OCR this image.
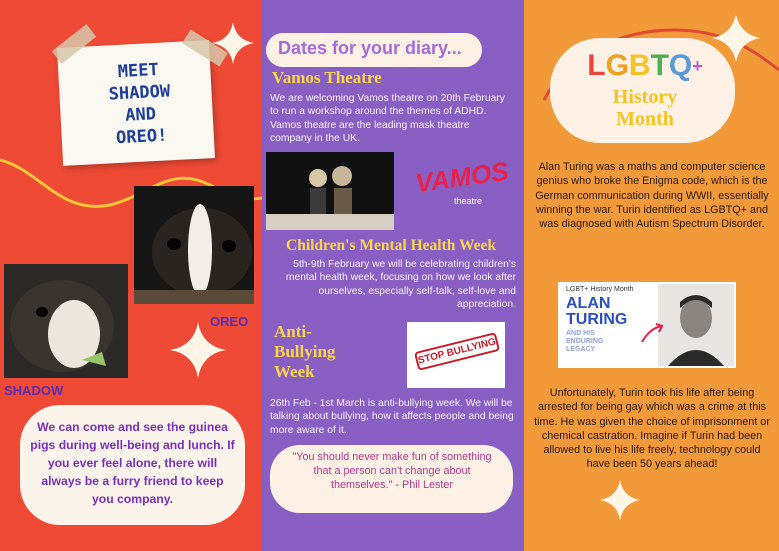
MEET
SHADOW
AND
OREO!
OREO
SHADOW
We can come and see the guinea pigs during well-being and lunch. If you ever feel alone, there will always be a furry friend to keep you company.
Dates for your diary...
Vamos Theatre
We are welcoming Vamos theatre on 20th February to run a workshop around the themes of ADHD. Vamos theatre are the leading mask theatre company in the UK.
VAMOS
theatre
Children's Mental Health Week
5th-9th February we will be celebrating children's mental health week, focusing on how we look after ourselves, especially self-talk, self-love and appreciation.
Anti-
Bullying
Week
STOP BULLYING
26th Feb - 1st March is anti-bullying week. We will be talking about bullying, how it affects people and being more aware of it.
"You should never make fun of something that a person can't change about themselves." - Phil Lester
LGBTQ+
History
Month
Alan Turing was a maths and computer science genius who broke the Enigma code, which is the German communication during WWII, essentially winning the war. Turin identified as LGBTQ+ and was diagnosed with Autism Spectrum Disorder.
LGBT+ History Month
ALAN
TURING
AND HIS
ENDURING
LEGACY
Unfortunately, Turin took his life after being arrested for being gay which was a crime at this time. He was given the choice of imprisonment or chemical castration. Imagine if Turin had been allowed to live his life freely, technology could have been 50 years ahead!
